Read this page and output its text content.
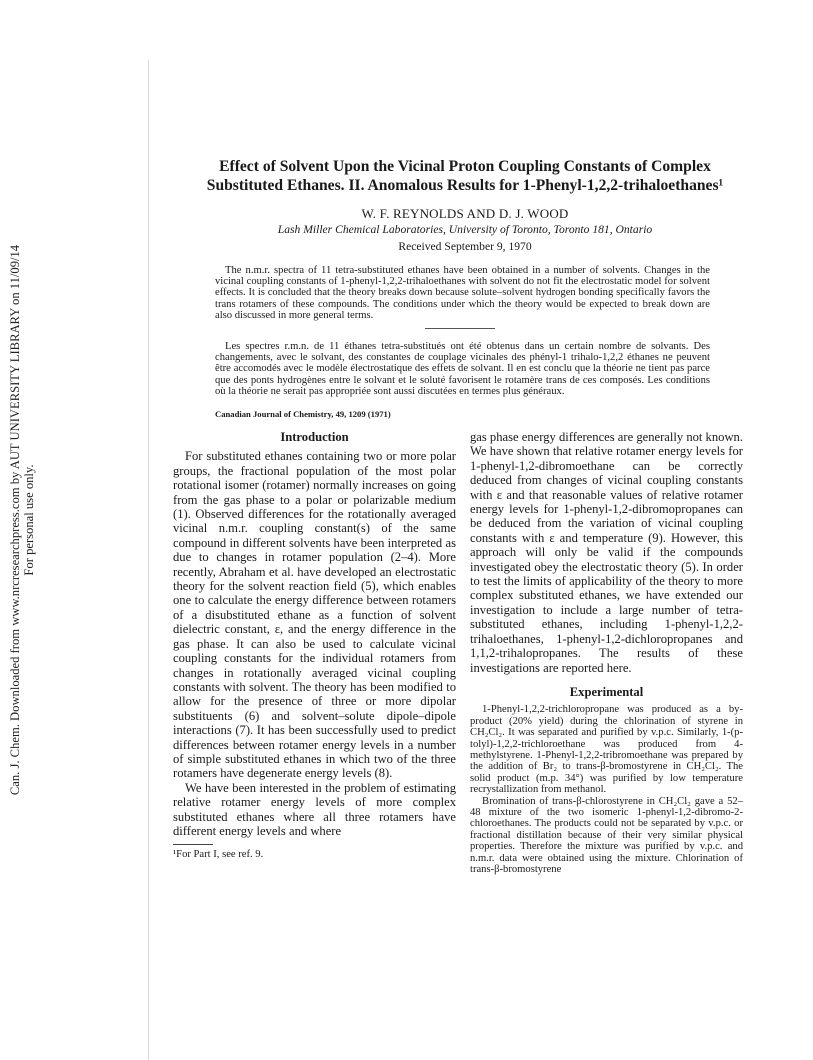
Can. J. Chem. Downloaded from www.nrcresearchpress.com by AUT UNIVERSITY LIBRARY on 11/09/14 For personal use only.
Effect of Solvent Upon the Vicinal Proton Coupling Constants of Complex
Substituted Ethanes. II. Anomalous Results for 1-Phenyl-1,2,2-trihaloethanes¹
W. F. REYNOLDS AND D. J. WOOD
Lash Miller Chemical Laboratories, University of Toronto, Toronto 181, Ontario
Received September 9, 1970
The n.m.r. spectra of 11 tetra-substituted ethanes have been obtained in a number of solvents. Changes in the vicinal coupling constants of 1-phenyl-1,2,2-trihaloethanes with solvent do not fit the electrostatic model for solvent effects. It is concluded that the theory breaks down because solute–solvent hydrogen bonding specifically favors the trans rotamers of these compounds. The conditions under which the theory would be expected to break down are also discussed in more general terms.
Les spectres r.m.n. de 11 éthanes tetra-substitués ont été obtenus dans un certain nombre de solvants. Des changements, avec le solvant, des constantes de couplage vicinales des phényl-1 trihalo-1,2,2 éthanes ne peuvent être accomodés avec le modèle électrostatique des effets de solvant. Il en est conclu que la théorie ne tient pas parce que des ponts hydrogènes entre le solvant et le soluté favorisent le rotamère trans de ces composés. Les conditions où la théorie ne serait pas appropriée sont aussi discutées en termes plus généraux.
Canadian Journal of Chemistry, 49, 1209 (1971)
Introduction

For substituted ethanes containing two or more polar groups, the fractional population of the most polar rotational isomer (rotamer) normally increases on going from the gas phase to a polar or polarizable medium (1). Observed differences for the rotationally averaged vicinal n.m.r. coupling constant(s) of the same compound in different solvents have been interpreted as due to changes in rotamer population (2–4). More recently, Abraham et al. have developed an electrostatic theory for the solvent reaction field (5), which enables one to calculate the energy difference between rotamers of a disubstituted ethane as a function of solvent dielectric constant, ε, and the energy difference in the gas phase. It can also be used to calculate vicinal coupling constants for the individual rotamers from changes in rotationally averaged vicinal coupling constants with solvent. The theory has been modified to allow for the presence of three or more dipolar substituents (6) and solvent–solute dipole–dipole interactions (7). It has been successfully used to predict differences between rotamer energy levels in a number of simple substituted ethanes in which two of the three rotamers have degenerate energy levels (8).

We have been interested in the problem of estimating relative rotamer energy levels of more complex substituted ethanes where all three rotamers have different energy levels and where

¹For Part I, see ref. 9.

gas phase energy differences are generally not known. We have shown that relative rotamer energy levels for 1-phenyl-1,2-dibromoethane can be correctly deduced from changes of vicinal coupling constants with ε and that reasonable values of relative rotamer energy levels for 1-phenyl-1,2-dibromopropanes can be deduced from the variation of vicinal coupling constants with ε and temperature (9). However, this approach will only be valid if the compounds investigated obey the electrostatic theory (5). In order to test the limits of applicability of the theory to more complex substituted ethanes, we have extended our investigation to include a large number of tetra-substituted ethanes, including 1-phenyl-1,2,2-trihaloethanes, 1-phenyl-1,2-dichloropropanes and 1,1,2-trihalopropanes. The results of these investigations are reported here.

Experimental

1-Phenyl-1,2,2-trichloropropane was produced as a by-product (20% yield) during the chlorination of styrene in CH₂Cl₂. It was separated and purified by v.p.c. Similarly, 1-(p-tolyl)-1,2,2-trichloroethane was produced from 4-methylstyrene. 1-Phenyl-1,2,2-tribromoethane was prepared by the addition of Br₂ to trans-β-bromostyrene in CH₂Cl₂. The solid product (m.p. 34°) was purified by low temperature recrystallization from methanol.

Bromination of trans-β-chlorostyrene in CH₂Cl₂ gave a 52–48 mixture of the two isomeric 1-phenyl-1,2-dibromo-2-chloroethanes. The products could not be separated by v.p.c. or fractional distillation because of their very similar physical properties. Therefore the mixture was purified by v.p.c. and n.m.r. data were obtained using the mixture. Chlorination of trans-β-bromostyrene
